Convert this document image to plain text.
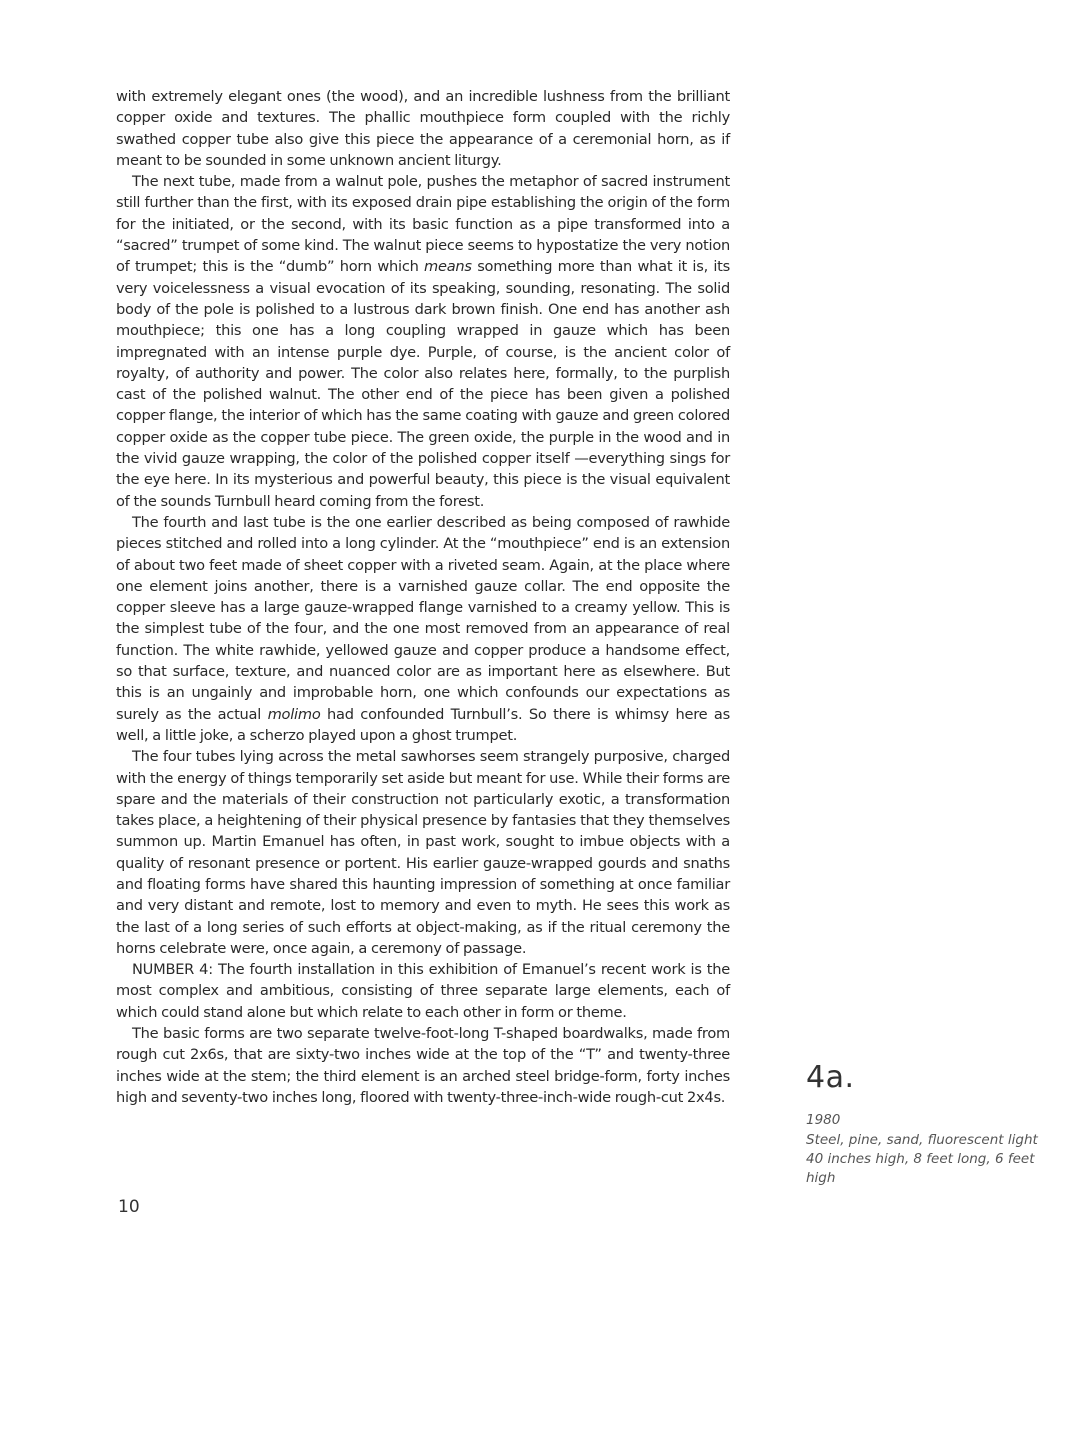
with extremely elegant ones (the wood), and an incredible lushness from the brilliant copper oxide and textures. The phallic mouthpiece form coupled with the richly swathed copper tube also give this piece the appearance of a ceremonial horn, as if meant to be sounded in some unknown ancient liturgy.

The next tube, made from a walnut pole, pushes the metaphor of sacred instrument still further than the first, with its exposed drain pipe establishing the origin of the form for the initiated, or the second, with its basic function as a pipe transformed into a “sacred” trumpet of some kind. The walnut piece seems to hypostatize the very notion of trumpet; this is the “dumb” horn which means something more than what it is, its very voicelessness a visual evocation of its speaking, sounding, resonating. The solid body of the pole is polished to a lustrous dark brown finish. One end has another ash mouthpiece; this one has a long coupling wrapped in gauze which has been impregnated with an intense purple dye. Purple, of course, is the ancient color of royalty, of authority and power. The color also relates here, formally, to the purplish cast of the polished walnut. The other end of the piece has been given a polished copper flange, the interior of which has the same coating with gauze and green colored copper oxide as the copper tube piece. The green oxide, the purple in the wood and in the vivid gauze wrapping, the color of the polished copper itself —everything sings for the eye here. In its mysterious and powerful beauty, this piece is the visual equivalent of the sounds Turnbull heard coming from the forest.

The fourth and last tube is the one earlier described as being composed of rawhide pieces stitched and rolled into a long cylinder. At the “mouthpiece” end is an extension of about two feet made of sheet copper with a riveted seam. Again, at the place where one element joins another, there is a varnished gauze collar. The end opposite the copper sleeve has a large gauze-wrapped flange varnished to a creamy yellow. This is the simplest tube of the four, and the one most removed from an appearance of real function. The white rawhide, yellowed gauze and copper produce a handsome effect, so that surface, texture, and nuanced color are as important here as elsewhere. But this is an ungainly and improbable horn, one which confounds our expectations as surely as the actual molimo had confounded Turnbull’s. So there is whimsy here as well, a little joke, a scherzo played upon a ghost trumpet.

The four tubes lying across the metal sawhorses seem strangely purposive, charged with the energy of things temporarily set aside but meant for use. While their forms are spare and the materials of their construction not particularly exotic, a transformation takes place, a heightening of their physical presence by fantasies that they themselves summon up. Martin Emanuel has often, in past work, sought to imbue objects with a quality of resonant presence or portent. His earlier gauze-wrapped gourds and snaths and floating forms have shared this haunting impression of something at once familiar and very distant and remote, lost to memory and even to myth. He sees this work as the last of a long series of such efforts at object-making, as if the ritual ceremony the horns celebrate were, once again, a ceremony of passage.

NUMBER 4: The fourth installation in this exhibition of Emanuel’s recent work is the most complex and ambitious, consisting of three separate large elements, each of which could stand alone but which relate to each other in form or theme.

The basic forms are two separate twelve-foot-long T-shaped boardwalks, made from rough cut 2x6s, that are sixty-two inches wide at the top of the “T” and twenty-three inches wide at the stem; the third element is an arched steel bridge-form, forty inches high and seventy-two inches long, floored with twenty-three-inch-wide rough-cut 2x4s.

10
4a.
1980
Steel, pine, sand, fluorescent light
40 inches high, 8 feet long, 6 feet high
